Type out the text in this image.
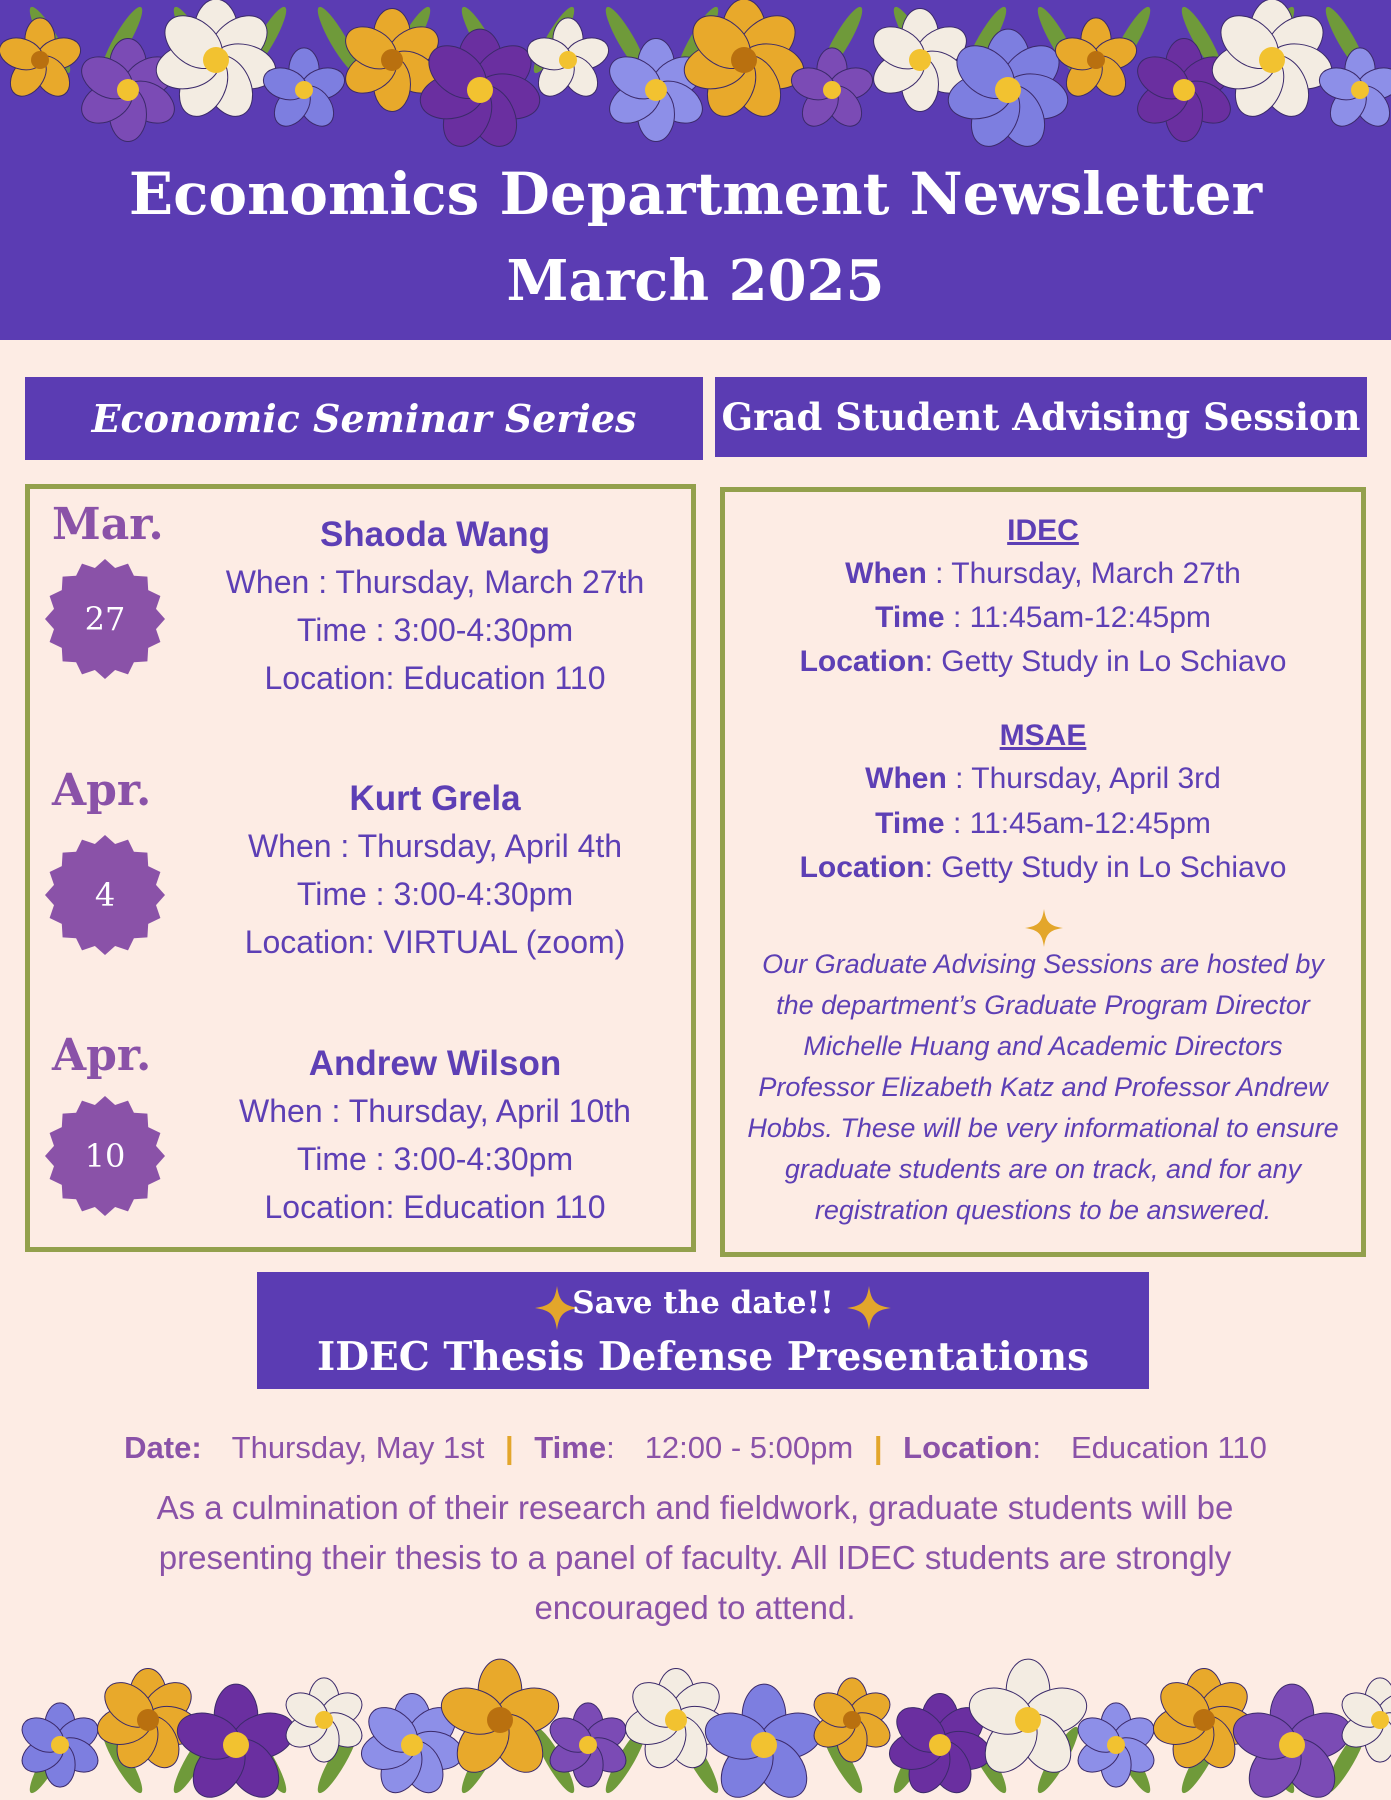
Economics Department Newsletter
March 2025
Economic Seminar Series
Mar.
27
Shaoda Wang
When : Thursday, March 27th
Time : 3:00-4:30pm
Location: Education 110
Apr.
4
Kurt Grela
When : Thursday, April 4th
Time : 3:00-4:30pm
Location: VIRTUAL (zoom)
Apr.
10
Andrew Wilson
When : Thursday, April 10th
Time : 3:00-4:30pm
Location: Education 110
Grad Student Advising Session
IDEC
When : Thursday, March 27th
Time : 11:45am-12:45pm
Location: Getty Study in Lo Schiavo
MSAE
When : Thursday, April 3rd
Time : 11:45am-12:45pm
Location: Getty Study in Lo Schiavo
Our Graduate Advising Sessions are hosted by the department’s Graduate Program Director Michelle Huang and Academic Directors Professor Elizabeth Katz and Professor Andrew Hobbs. These will be very informational to ensure graduate students are on track, and for any registration questions to be answered.
Save the date!!
IDEC Thesis Defense Presentations
Date: Thursday, May 1st | Time: 12:00 - 5:00pm | Location: Education 110
As a culmination of their research and fieldwork, graduate students will be presenting their thesis to a panel of faculty. All IDEC students are strongly encouraged to attend.
